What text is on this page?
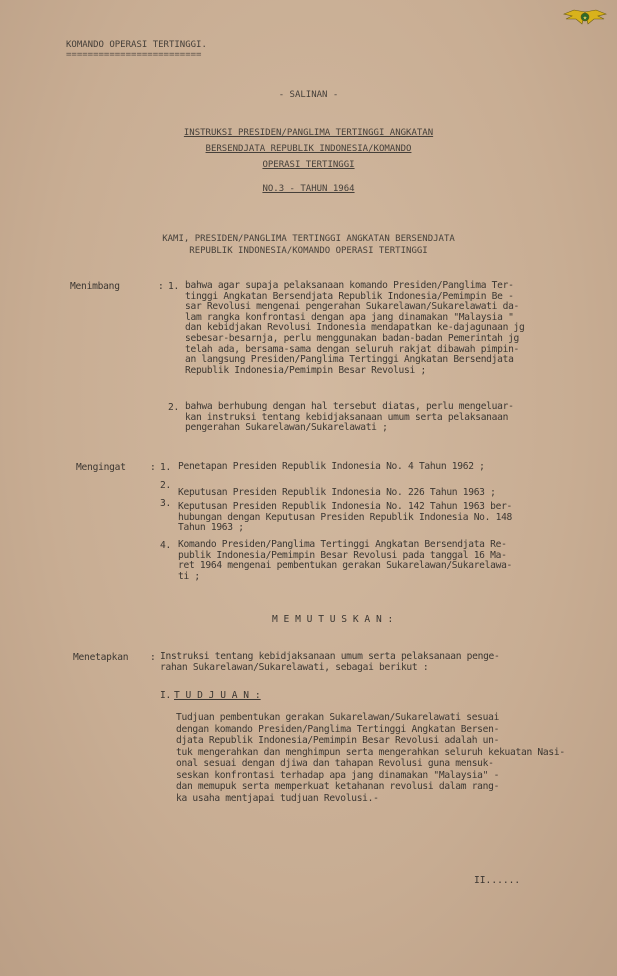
★
KOMANDO OPERASI TERTINGGI.
=========================
- SALINAN -
INSTRUKSI PRESIDEN/PANGLIMA TERTINGGI ANGKATAN
BERSENDJATA REPUBLIK INDONESIA/KOMANDO
OPERASI TERTINGGI
NO.3 - TAHUN 1964
KAMI, PRESIDEN/PANGLIMA TERTINGGI ANGKATAN BERSENDJATA
REPUBLIK INDONESIA/KOMANDO OPERASI TERTINGGI
Menimbang	: 1. bahwa agar supaja pelaksanaan komando Presiden/Panglima Ter-
tinggi Angkatan Bersendjata Republik Indonesia/Pemimpin Be -
sar Revolusi mengenai pengerahan Sukarelawan/Sukarelawati da-
lam rangka konfrontasi dengan apa jang dinamakan "Malaysia "
dan kebidjakan Revolusi Indonesia mendapatkan ke-dajagunaan jg
sebesar-besarnja, perlu menggunakan badan-badan Pemerintah jg
telah ada, bersama-sama dengan seluruh rakjat dibawah pimpin-
an langsung Presiden/Panglima Tertinggi Angkatan Bersendjata
Republik Indonesia/Pemimpin Besar Revolusi ;
2. bahwa berhubung dengan hal tersebut diatas, perlu mengeluar-
kan instruksi tentang kebidjaksanaan umum serta pelaksanaan
pengerahan Sukarelawan/Sukarelawati ;
Mengingat	: 1. Penetapan Presiden Republik Indonesia No. 4 Tahun 1962 ;
2.
Keputusan Presiden Republik Indonesia No. 226 Tahun 1963 ;
3. Keputusan Presiden Republik Indonesia No. 142 Tahun 1963 ber-
hubungan dengan Keputusan Presiden Republik Indonesia No. 148
Tahun 1963 ;
4. Komando Presiden/Panglima Tertinggi Angkatan Bersendjata Re-
publik Indonesia/Pemimpin Besar Revolusi pada tanggal 16 Ma-
ret 1964 mengenai pembentukan gerakan Sukarelawan/Sukarelawa-
ti ;
M E M U T U S K A N :
Menetapkan : Instruksi tentang kebidjaksanaan umum serta pelaksanaan penge-
rahan Sukarelawan/Sukarelawati, sebagai berikut :
I. T U D J U A N :
Tudjuan pembentukan gerakan Sukarelawan/Sukarelawati sesuai
dengan komando Presiden/Panglima Tertinggi Angkatan Bersen-
djata Republik Indonesia/Pemimpin Besar Revolusi adalah un-
tuk mengerahkan dan menghimpun serta mengerahkan seluruh kekuatan Nasi-
onal sesuai dengan djiwa dan tahapan Revolusi guna mensuk-
seskan konfrontasi terhadap apa jang dinamakan "Malaysia" -
dan memupuk serta memperkuat ketahanan revolusi dalam rang-
ka usaha mentjapai tudjuan Revolusi.-
II......
